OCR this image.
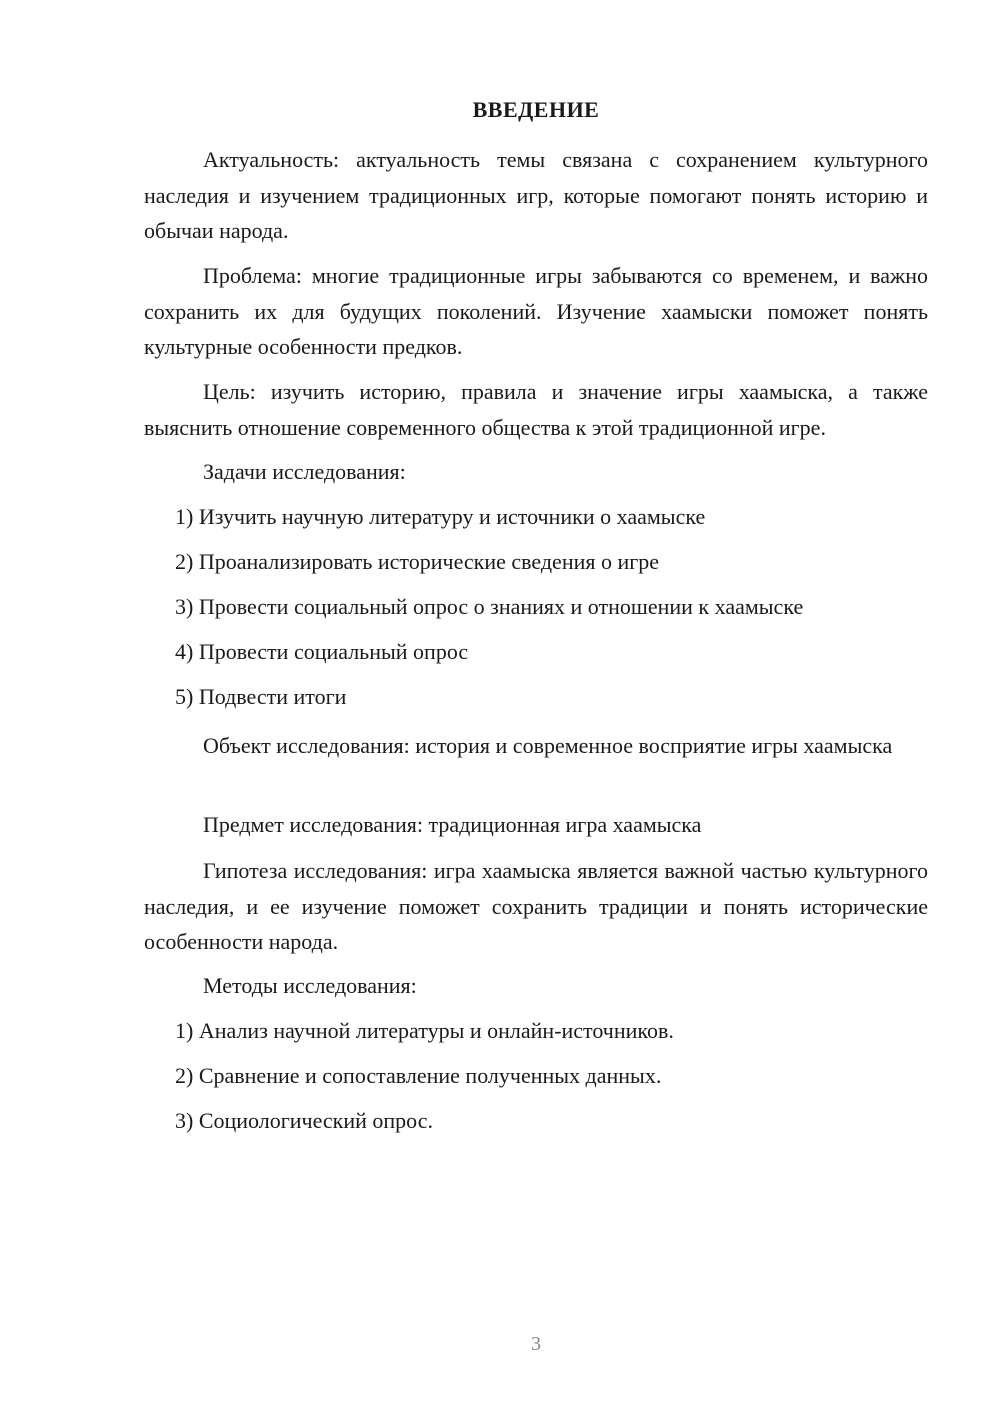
ВВЕДЕНИЕ

Актуальность: актуальность темы связана с сохранением культурного наследия и изучением традиционных игр, которые помогают понять историю и обычаи народа.

Проблема: многие традиционные игры забываются со временем, и важно сохранить их для будущих поколений. Изучение хаамыски поможет понять культурные особенности предков.

Цель: изучить историю, правила и значение игры хаамыска, а также выяснить отношение современного общества к этой традиционной игре.

Задачи исследования:

1) Изучить научную литературу и источники о хаамыске

2) Проанализировать исторические сведения о игре

3) Провести социальный опрос о знаниях и отношении к хаамыске

4) Провести социальный опрос

5) Подвести итоги

Объект исследования: история и современное восприятие игры хаамыска

Предмет исследования: традиционная игра хаамыска

Гипотеза исследования: игра хаамыска является важной частью культурного наследия, и ее изучение поможет сохранить традиции и понять исторические особенности народа.

Методы исследования:

1) Анализ научной литературы и онлайн-источников.

2) Сравнение и сопоставление полученных данных.

3) Социологический опрос.

3
